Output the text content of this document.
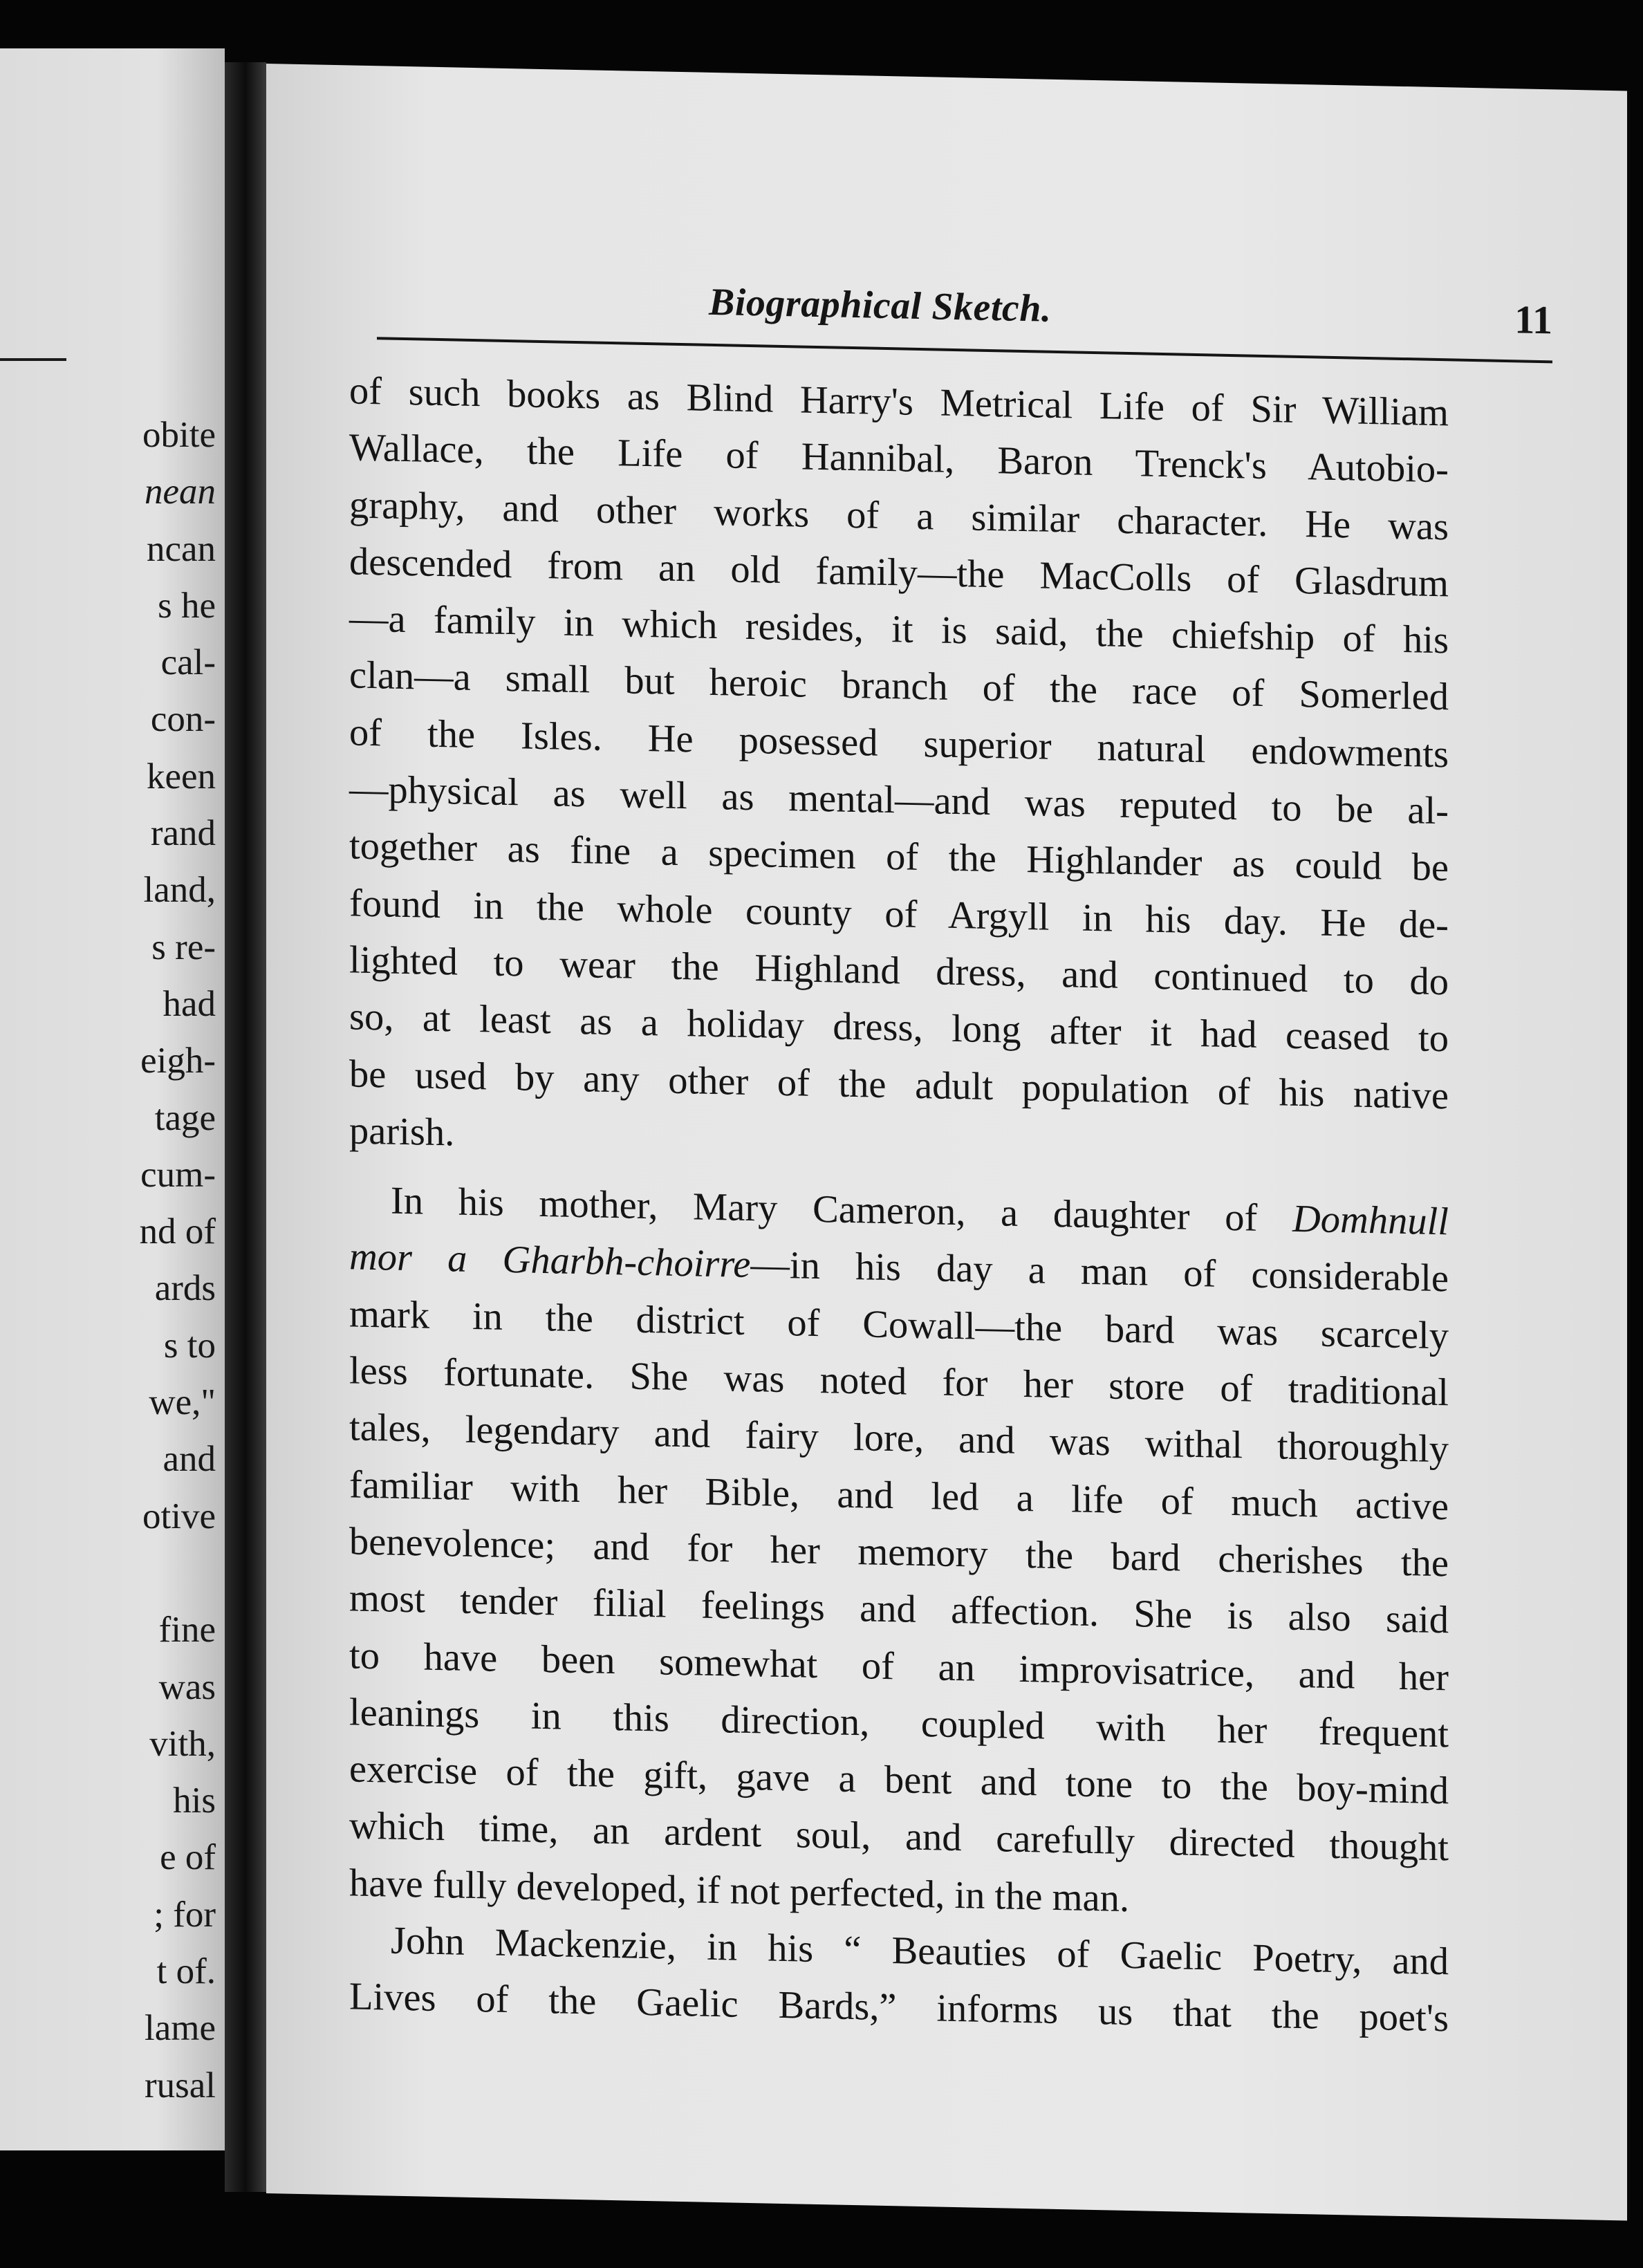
obite
nean
ncan
s he
cal-
con-
keen
rand
land,
s re-
had
eigh-
tage
cum-
nd of
ards
s to
we,"
and
otive
fine
was
vith,
his
e of
; for
t of.
lame
rusal
Biographical Sketch.	11
of such books as Blind Harry's Metrical Life of Sir William
Wallace, the Life of Hannibal, Baron Trenck's Autobio-
graphy, and other works of a similar character. He was
descended from an old family—the MacColls of Glasdrum
—a family in which resides, it is said, the chiefship of his
clan—a small but heroic branch of the race of Somerled
of the Isles. He posessed superior natural endowments
—physical as well as mental—and was reputed to be al-
together as fine a specimen of the Highlander as could be
found in the whole county of Argyll in his day. He de-
lighted to wear the Highland dress, and continued to do
so, at least as a holiday dress, long after it had ceased to
be used by any other of the adult population of his native
parish.
In his mother, Mary Cameron, a daughter of Domhnull
mor a Gharbh-choirre—in his day a man of considerable
mark in the district of Cowall—the bard was scarcely
less fortunate. She was noted for her store of traditional
tales, legendary and fairy lore, and was withal thoroughly
familiar with her Bible, and led a life of much active
benevolence; and for her memory the bard cherishes the
most tender filial feelings and affection. She is also said
to have been somewhat of an improvisatrice, and her
leanings in this direction, coupled with her frequent
exercise of the gift, gave a bent and tone to the boy-mind
which time, an ardent soul, and carefully directed thought
have fully developed, if not perfected, in the man.
John Mackenzie, in his “ Beauties of Gaelic Poetry, and
Lives of the Gaelic Bards,” informs us that the poet's
